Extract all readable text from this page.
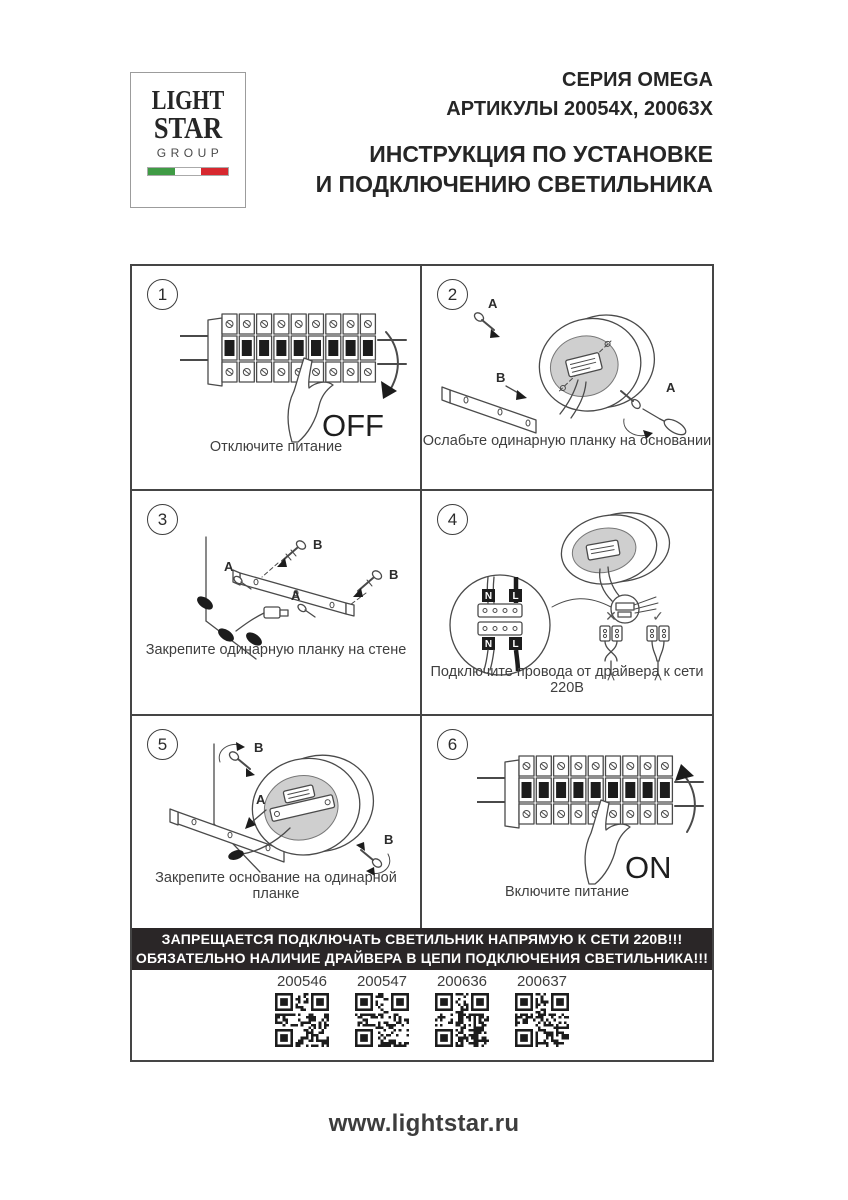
LIGHT
STAR
GROUP
СЕРИЯ OMEGA
АРТИКУЛЫ 20054Х, 20063Х
ИНСТРУКЦИЯ ПО УСТАНОВКЕ
И ПОДКЛЮЧЕНИЮ СВЕТИЛЬНИКА
1
OFF
Отключите питание
2 A
B
A
Ослабьте одинарную планку на основании
3
B
B
A
A
Закрепите одинарную планку на стене
4
N L
N L
✕	✓
Подключите провода от драйвера к сети 220В
5	B
A
B
Закрепите основание на одинарной планке
6
ON
Включите питание
ЗАПРЕЩАЕТСЯ ПОДКЛЮЧАТЬ СВЕТИЛЬНИК НАПРЯМУЮ К СЕТИ 220В!!!
ОБЯЗАТЕЛЬНО НАЛИЧИЕ ДРАЙВЕРА В ЦЕПИ ПОДКЛЮЧЕНИЯ СВЕТИЛЬНИКА!!!
200546 200547 200636 200637
www.lightstar.ru
